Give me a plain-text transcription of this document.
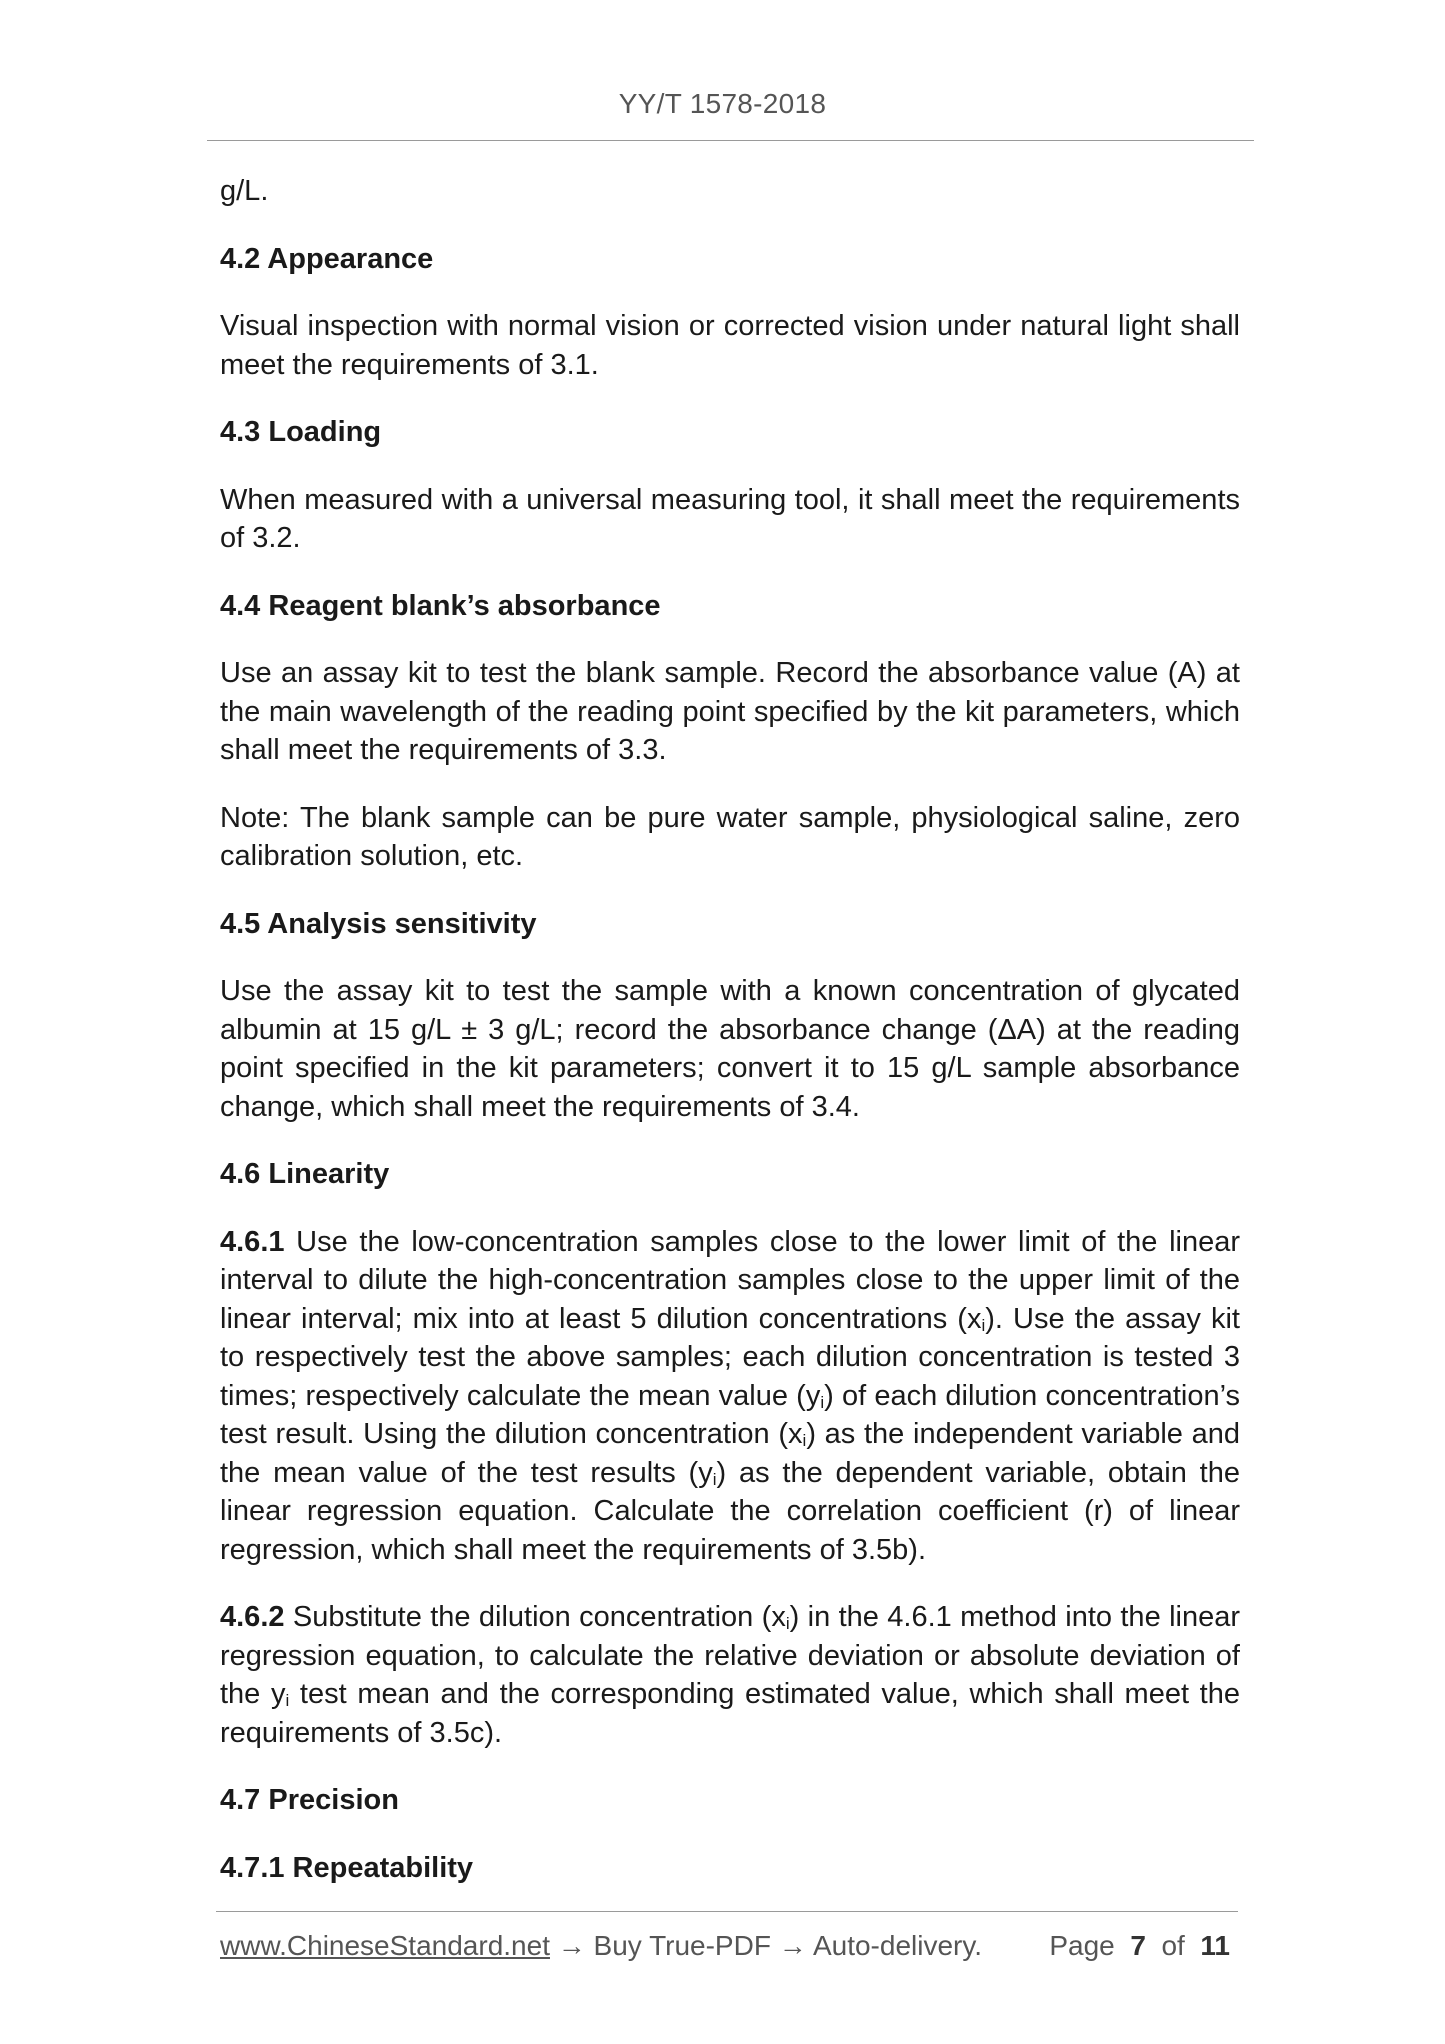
YY/T 1578-2018

g/L.

4.2 Appearance

Visual inspection with normal vision or corrected vision under natural light shall meet the requirements of 3.1.

4.3 Loading

When measured with a universal measuring tool, it shall meet the requirements of 3.2.

4.4 Reagent blank’s absorbance

Use an assay kit to test the blank sample. Record the absorbance value (A) at the main wavelength of the reading point specified by the kit parameters, which shall meet the requirements of 3.3.

Note: The blank sample can be pure water sample, physiological saline, zero calibration solution, etc.

4.5 Analysis sensitivity

Use the assay kit to test the sample with a known concentration of glycated albumin at 15 g/L ± 3 g/L; record the absorbance change (ΔA) at the reading point specified in the kit parameters; convert it to 15 g/L sample absorbance change, which shall meet the requirements of 3.4.

4.6 Linearity

4.6.1 Use the low-concentration samples close to the lower limit of the linear interval to dilute the high-concentration samples close to the upper limit of the linear interval; mix into at least 5 dilution concentrations $(x_i)$. Use the assay kit to respectively test the above samples; each dilution concentration is tested 3 times; respectively calculate the mean value $(y_i)$ of each dilution concentration’s test result. Using the dilution concentration $(x_i)$ as the independent variable and the mean value of the test results $(y_i)$ as the dependent variable, obtain the linear regression equation. Calculate the correlation coefficient (r) of linear regression, which shall meet the requirements of 3.5b).

4.6.2 Substitute the dilution concentration $(x_i)$ in the 4.6.1 method into the linear regression equation, to calculate the relative deviation or absolute deviation of the $y_i$ test mean and the corresponding estimated value, which shall meet the requirements of 3.5c).

4.7 Precision
4.7.1 Repeatability
www.ChineseStandard.net → Buy True-PDF → Auto-delivery. Page 7 of 11
